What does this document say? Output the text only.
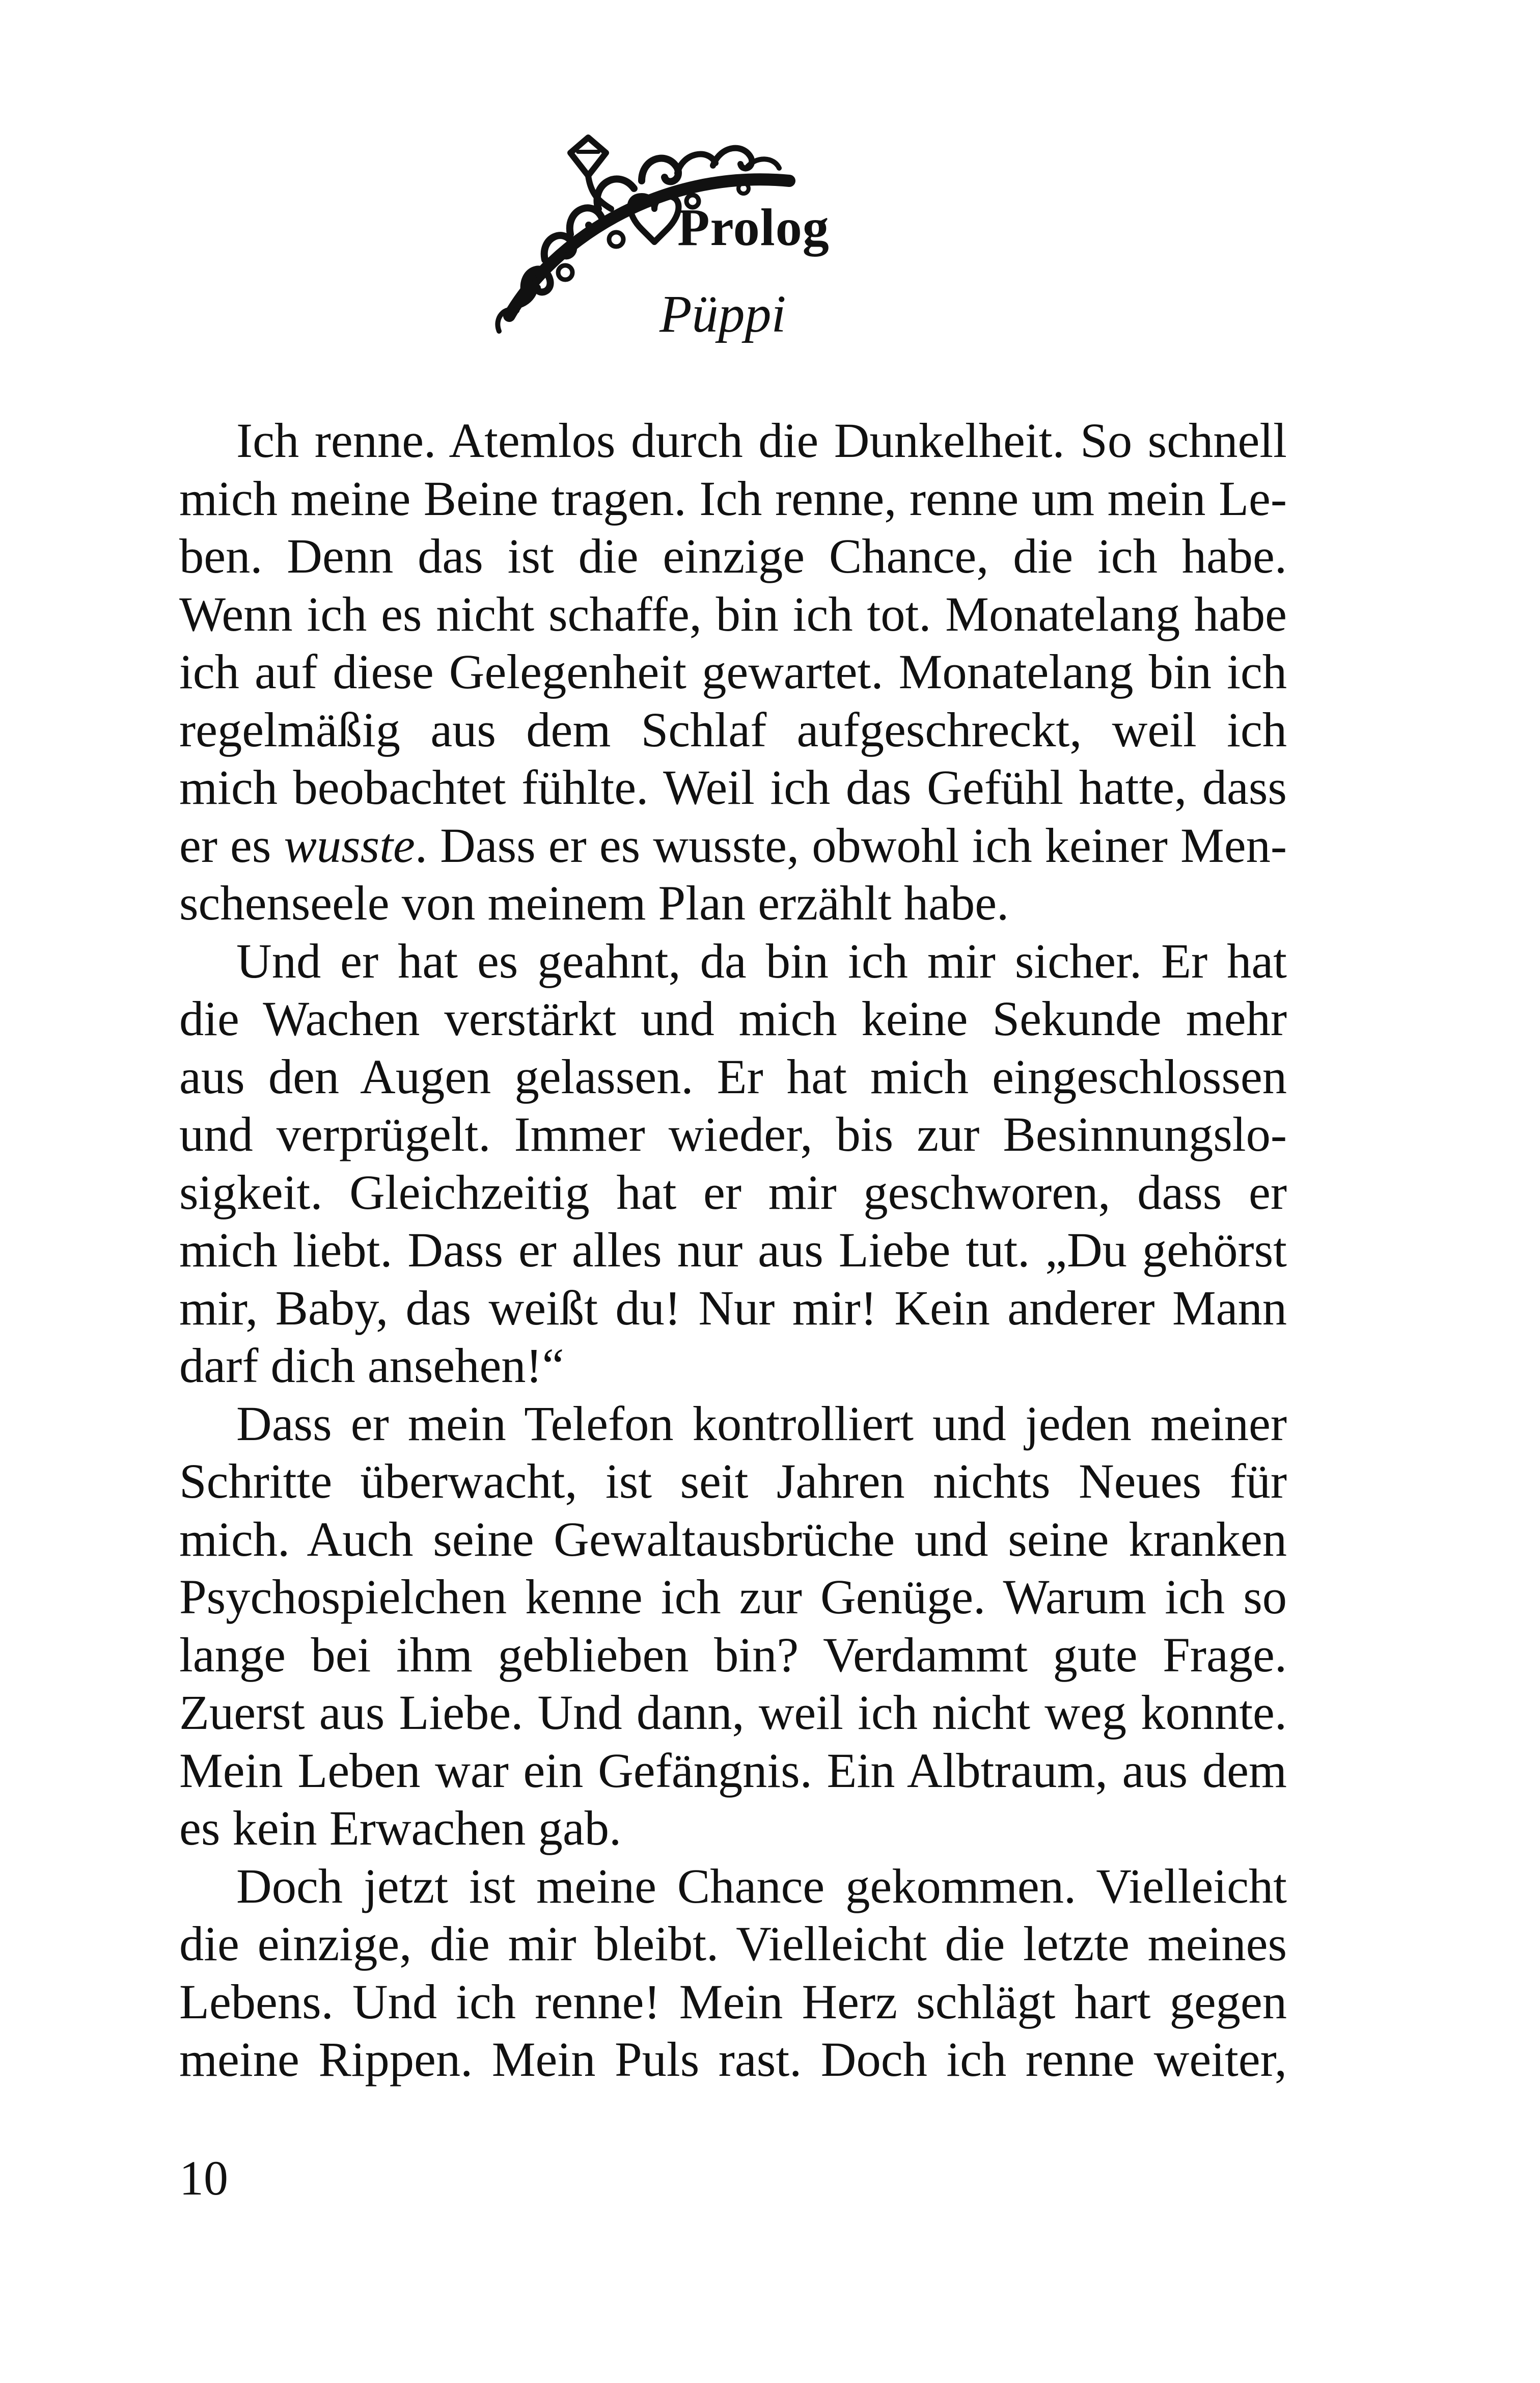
Prolog
Püppi

Ich renne. Atemlos durch die Dunkelheit. So schnell
mich meine Beine tragen. Ich renne, renne um mein Le-
ben. Denn das ist die einzige Chance, die ich habe.
Wenn ich es nicht schaffe, bin ich tot. Monatelang habe
ich auf diese Gelegenheit gewartet. Monatelang bin ich
regelmäßig aus dem Schlaf aufgeschreckt, weil ich
mich beobachtet fühlte. Weil ich das Gefühl hatte, dass
er es wusste. Dass er es wusste, obwohl ich keiner Men-
schenseele von meinem Plan erzählt habe.

Und er hat es geahnt, da bin ich mir sicher. Er hat
die Wachen verstärkt und mich keine Sekunde mehr
aus den Augen gelassen. Er hat mich eingeschlossen
und verprügelt. Immer wieder, bis zur Besinnungslo-
sigkeit. Gleichzeitig hat er mir geschworen, dass er
mich liebt. Dass er alles nur aus Liebe tut. „Du gehörst
mir, Baby, das weißt du! Nur mir! Kein anderer Mann
darf dich ansehen!“

Dass er mein Telefon kontrolliert und jeden meiner
Schritte überwacht, ist seit Jahren nichts Neues für
mich. Auch seine Gewaltausbrüche und seine kranken
Psychospielchen kenne ich zur Genüge. Warum ich so
lange bei ihm geblieben bin? Verdammt gute Frage.
Zuerst aus Liebe. Und dann, weil ich nicht weg konnte.
Mein Leben war ein Gefängnis. Ein Albtraum, aus dem
es kein Erwachen gab.

Doch jetzt ist meine Chance gekommen. Vielleicht
die einzige, die mir bleibt. Vielleicht die letzte meines
Lebens. Und ich renne! Mein Herz schlägt hart gegen
meine Rippen. Mein Puls rast. Doch ich renne weiter,

10
